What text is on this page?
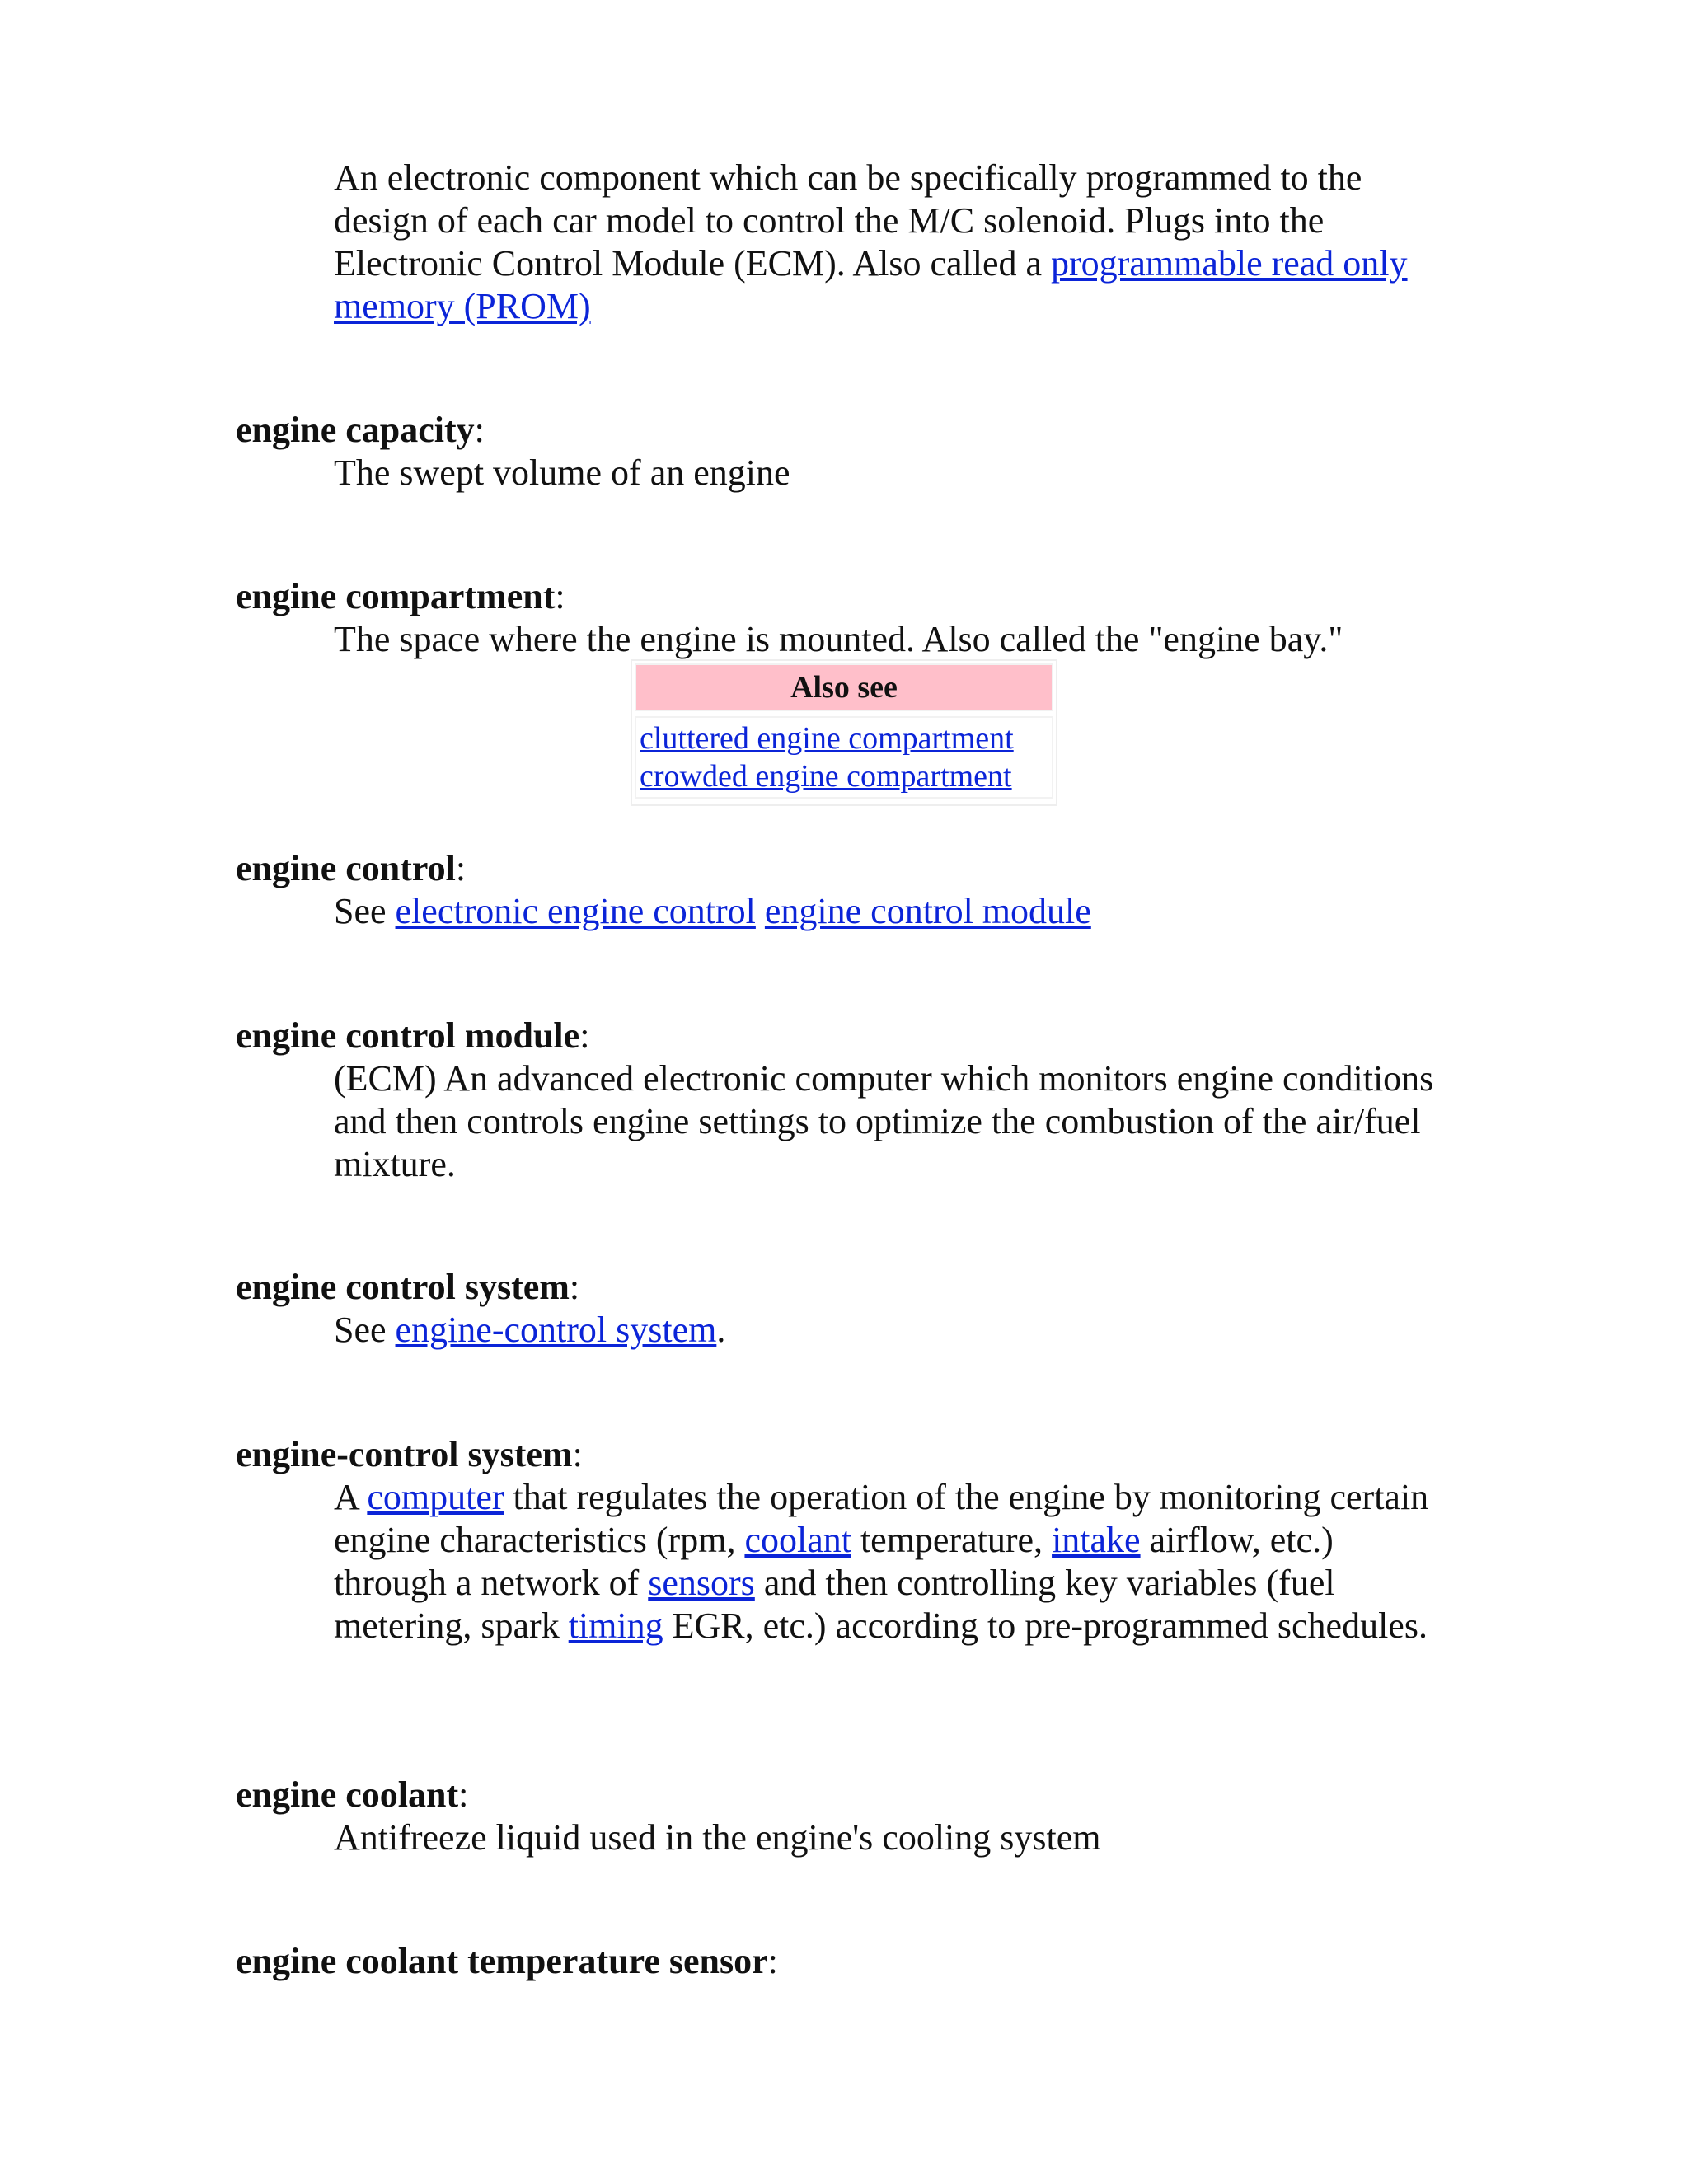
An electronic component which can be specifically programmed to the design of each car model to control the M/C solenoid. Plugs into the Electronic Control Module (ECM). Also called a programmable read only memory (PROM)

engine capacity:

The swept volume of an engine

engine compartment:

The space where the engine is mounted. Also called the "engine bay."

Also see
cluttered engine compartment
crowded engine compartment

engine control:

See electronic engine control engine control module

engine control module:

(ECM) An advanced electronic computer which monitors engine conditions and then controls engine settings to optimize the combustion of the air/fuel mixture.

engine control system:

See engine-control system.

engine-control system:

A computer that regulates the operation of the engine by monitoring certain engine characteristics (rpm, coolant temperature, intake airflow, etc.) through a network of sensors and then controlling key variables (fuel metering, spark timing EGR, etc.) according to pre-programmed schedules.

engine coolant:

Antifreeze liquid used in the engine's cooling system

engine coolant temperature sensor:
